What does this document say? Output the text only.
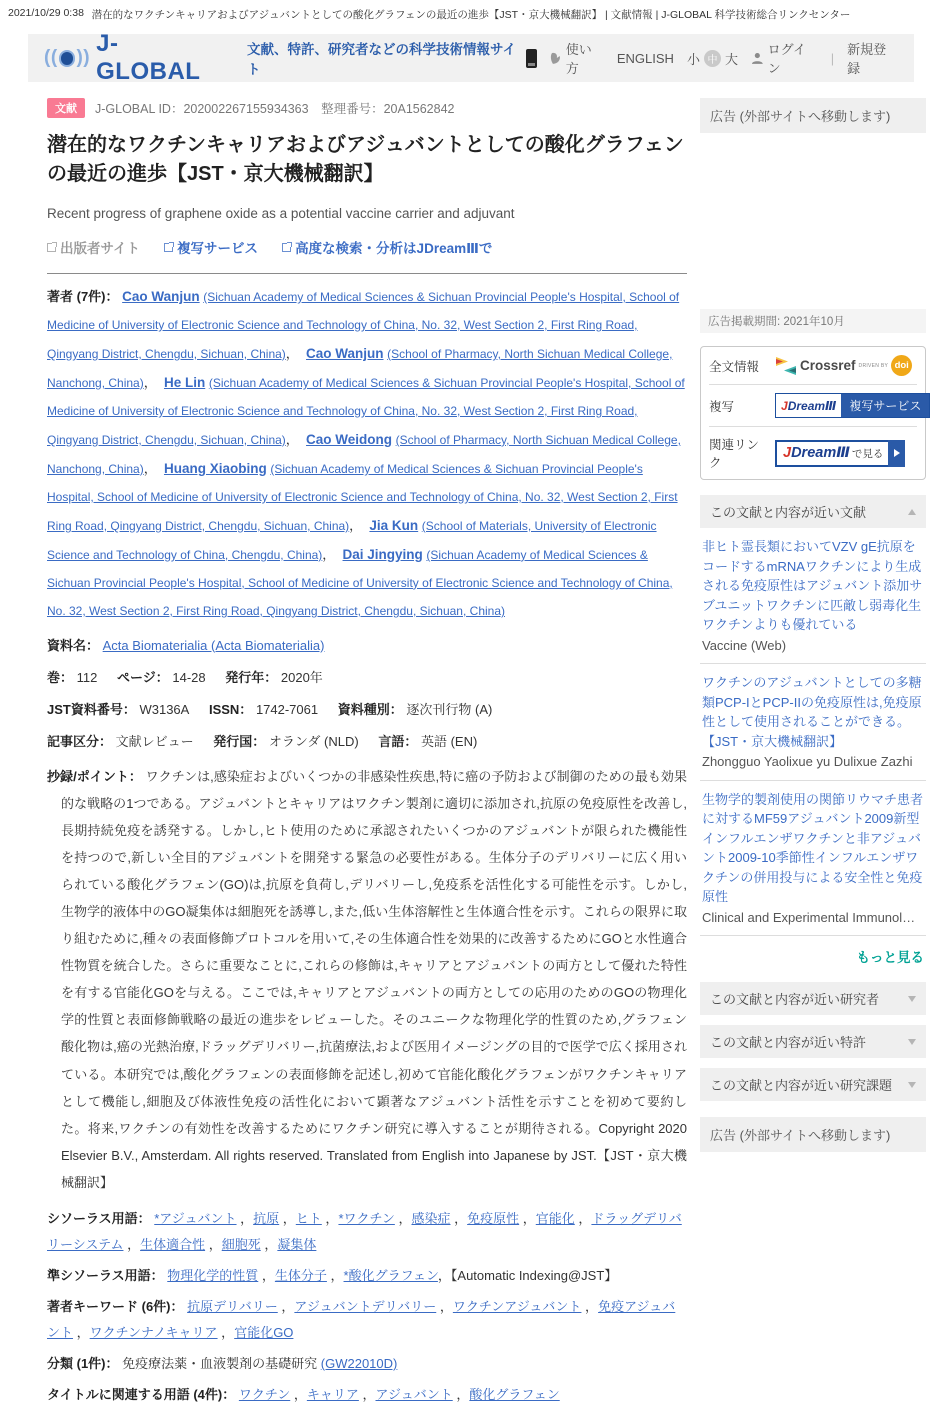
2021/10/29 0:38 潜在的なワクチンキャリアおよびアジュバントとしての酸化グラフェンの最近の進歩【JST・京大機械翻訳】 | 文献情報 | J-GLOBAL 科学技術総合リンクセンター
(( ))
J-GLOBAL
文献、特許、研究者などの科学技術情報サイト
使い方
ENGLISH 小 中 大
ログイン
|
新規登録
文献	J-GLOBAL ID：202002267155934363　整理番号：20A1562842
潜在的なワクチンキャリアおよびアジュバントとしての酸化グラフェンの最近の進歩【JST・京大機械翻訳】

Recent progress of graphene oxide as a potential vaccine carrier and adjuvant

出版者サイト	複写サービス	高度な検索・分析はJDreamⅢで
著者 (7件)： Cao Wanjun (Sichuan Academy of Medical Sciences & Sichuan Provincial People's Hospital, School of Medicine of University of Electronic Science and Technology of China, No. 32, West Section 2, First Ring Road, Qingyang District, Chengdu, Sichuan, China) ，  Cao Wanjun (School of Pharmacy, North Sichuan Medical College, Nanchong, China) ，  He Lin (Sichuan Academy of Medical Sciences & Sichuan Provincial People's Hospital, School of Medicine of University of Electronic Science and Technology of China, No. 32, West Section 2, First Ring Road, Qingyang District, Chengdu, Sichuan, China) ，  Cao Weidong (School of Pharmacy, North Sichuan Medical College, Nanchong, China) ，  Huang Xiaobing (Sichuan Academy of Medical Sciences & Sichuan Provincial People's Hospital, School of Medicine of University of Electronic Science and Technology of China, No. 32, West Section 2, First Ring Road, Qingyang District, Chengdu, Sichuan, China) ，  Jia Kun (School of Materials, University of Electronic Science and Technology of China, Chengdu, China) ，  Dai Jingying (Sichuan Academy of Medical Sciences & Sichuan Provincial People's Hospital, School of Medicine of University of Electronic Science and Technology of China, No. 32, West Section 2, First Ring Road, Qingyang District, Chengdu, Sichuan, China)

資料名： Acta Biomaterialia (Acta Biomaterialia)

巻： 112 ページ： 14-28 発行年： 2020年

JST資料番号： W3136A ISSN： 1742-7061 資料種別： 逐次刊行物 (A)

記事区分： 文献レビュー 発行国： オランダ (NLD) 言語： 英語 (EN)

抄録/ポイント： ワクチンは,感染症およびいくつかの非感染性疾患,特に癌の予防および制御のための最も効果的な戦略の1つである。アジュバントとキャリアはワクチン製剤に適切に添加され,抗原の免疫原性を改善し,長期持続免疫を誘発する。しかし,ヒト使用のために承認されたいくつかのアジュバントが限られた機能性を持つので,新しい全目的アジュバントを開発する緊急の必要性がある。生体分子のデリバリーに広く用いられている酸化グラフェン(GO)は,抗原を負荷し,デリバリーし,免疫系を活性化する可能性を示す。しかし,生物学的液体中のGO凝集体は細胞死を誘導し,また,低い生体溶解性と生体適合性を示す。これらの限界に取り組むために,種々の表面修飾プロトコルを用いて,その生体適合性を効果的に改善するためにGOと水性適合性物質を統合した。さらに重要なことに,これらの修飾は,キャリアとアジュバントの両方として優れた特性を有する官能化GOを与える。ここでは,キャリアとアジュバントの両方としての応用のためのGOの物理化学的性質と表面修飾戦略の最近の進歩をレビューした。そのユニークな物理化学的性質のため,グラフェン酸化物は,癌の光熱治療,ドラッグデリバリー,抗菌療法,および医用イメージングの目的で医学で広く採用されている。本研究では,酸化グラフェンの表面修飾を記述し,初めて官能化酸化グラフェンがワクチンキャリアとして機能し,細胞及び体液性免疫の活性化において顕著なアジュバント活性を示すことを初めて要約した。将来,ワクチンの有効性を改善するためにワクチン研究に導入することが期待される。Copyright 2020 Elsevier B.V., Amsterdam. All rights reserved. Translated from English into Japanese by JST.【JST・京大機械翻訳】

シソーラス用語： *アジュバント ， 抗原 ， ヒト ， *ワクチン ， 感染症 ， 免疫原性 ， 官能化 ， ドラッグデリバリーシステム ， 生体適合性 ， 細胞死 ， 凝集体

準シソーラス用語： 物理化学的性質 ， 生体分子 ， *酸化グラフェン，【Automatic Indexing@JST】

著者キーワード (6件)： 抗原デリバリー ， アジュバントデリバリー ， ワクチンアジュバント ， 免疫アジュバント ， ワクチンナノキャリア ， 官能化GO

分類 (1件)： 免疫療法薬・血液製剤の基礎研究 (GW22010D)

タイトルに関連する用語 (4件)： ワクチン ， キャリア ， アジュバント ， 酸化グラフェン

広告 (外部サイトへ移動します)
広告掲載期間: 2021年10月
全文情報	Crossref DRIVEN BY doi
複写	JDreamⅢ	複写サービス
関連リンク
JDreamⅢ で見る
この文献と内容が近い文献
非ヒト霊長類においてVZV gE抗原をコードするmRNAワクチンにより生成される免疫原性はアジュバント添加サブユニットワクチンに匹敵し弱毒化生ワクチンよりも優れている
Vaccine (Web)
ワクチンのアジュバントとしての多糖類PCP-IとPCP-IIの免疫原性は,免疫原性として使用されることができる。【JST・京大機械翻訳】
Zhongguo Yaolixue yu Dulixue Zazhi
生物学的製剤使用の関節リウマチ患者に対するMF59アジュバント2009新型インフルエンザワクチンと非アジュバント2009-10季節性インフルエンザワクチンの併用投与による安全性と免疫原性
Clinical and Experimental Immunol…
もっと見る
この文献と内容が近い研究者
この文献と内容が近い特許
この文献と内容が近い研究課題
広告 (外部サイトへ移動します)
